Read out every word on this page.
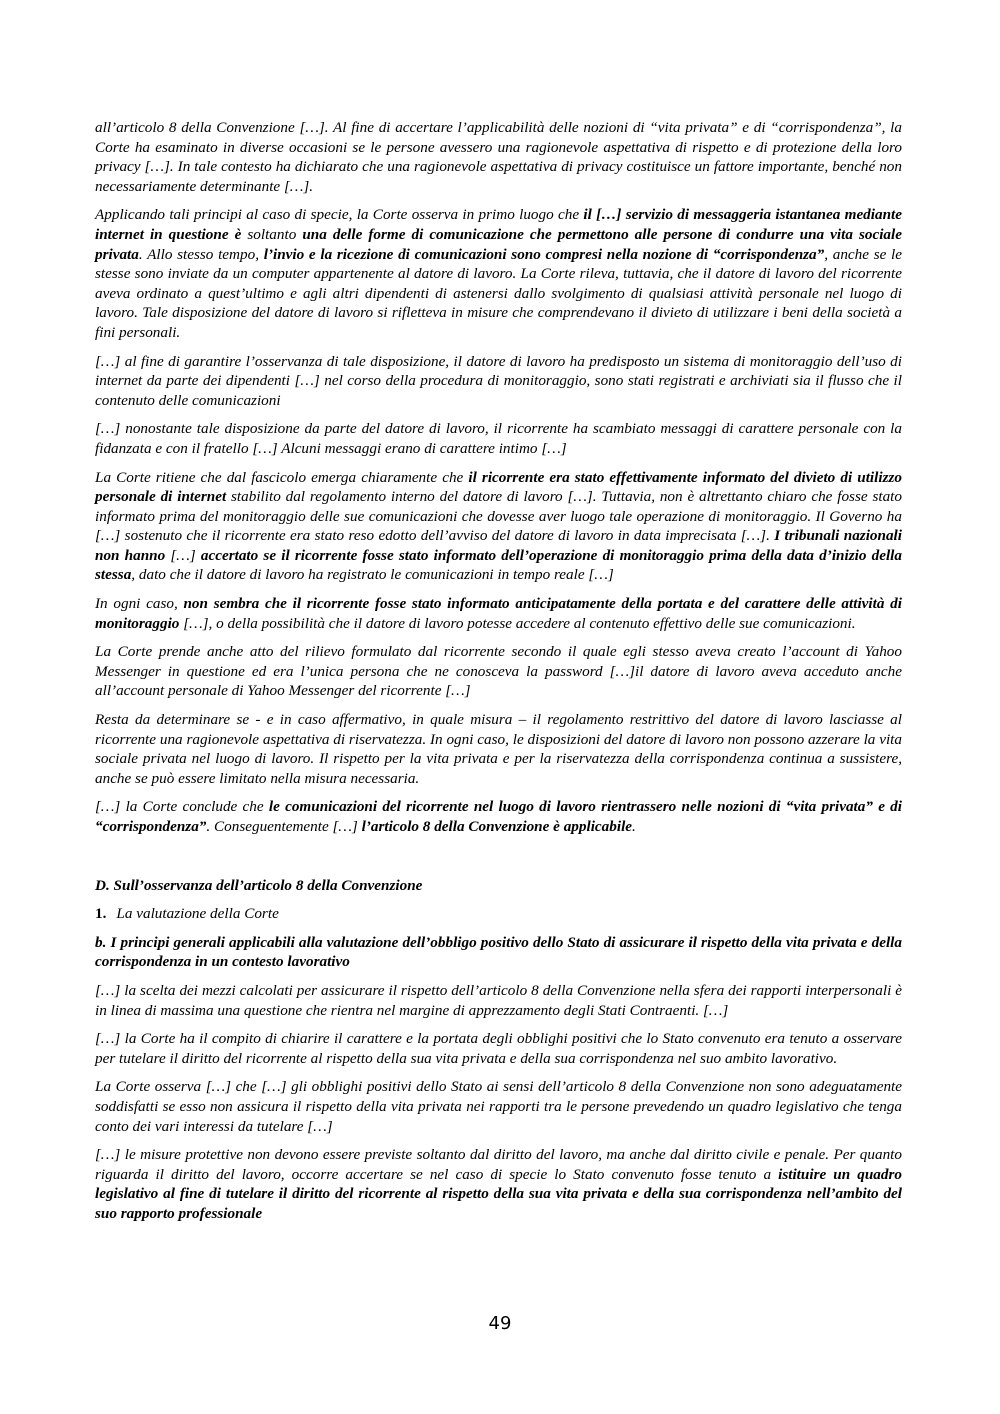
all’articolo 8 della Convenzione […]. Al fine di accertare l’applicabilità delle nozioni di “vita privata” e di “corrispondenza”, la Corte ha esaminato in diverse occasioni se le persone avessero una ragionevole aspettativa di rispetto e di protezione della loro privacy […]. In tale contesto ha dichiarato che una ragionevole aspettativa di privacy costituisce un fattore importante, benché non necessariamente determinante […].

Applicando tali principi al caso di specie, la Corte osserva in primo luogo che il […] servizio di messaggeria istantanea mediante internet in questione è soltanto una delle forme di comunicazione che permettono alle persone di condurre una vita sociale privata. Allo stesso tempo, l’invio e la ricezione di comunicazioni sono compresi nella nozione di “corrispondenza”, anche se le stesse sono inviate da un computer appartenente al datore di lavoro. La Corte rileva, tuttavia, che il datore di lavoro del ricorrente aveva ordinato a quest’ultimo e agli altri dipendenti di astenersi dallo svolgimento di qualsiasi attività personale nel luogo di lavoro. Tale disposizione del datore di lavoro si rifletteva in misure che comprendevano il divieto di utilizzare i beni della società a fini personali.

[…] al fine di garantire l’osservanza di tale disposizione, il datore di lavoro ha predisposto un sistema di monitoraggio dell’uso di internet da parte dei dipendenti […] nel corso della procedura di monitoraggio, sono stati registrati e archiviati sia il flusso che il contenuto delle comunicazioni

[…] nonostante tale disposizione da parte del datore di lavoro, il ricorrente ha scambiato messaggi di carattere personale con la fidanzata e con il fratello […] Alcuni messaggi erano di carattere intimo […]

La Corte ritiene che dal fascicolo emerga chiaramente che il ricorrente era stato effettivamente informato del divieto di utilizzo personale di internet stabilito dal regolamento interno del datore di lavoro […]. Tuttavia, non è altrettanto chiaro che fosse stato informato prima del monitoraggio delle sue comunicazioni che dovesse aver luogo tale operazione di monitoraggio. Il Governo ha […] sostenuto che il ricorrente era stato reso edotto dell’avviso del datore di lavoro in data imprecisata […]. I tribunali nazionali non hanno […] accertato se il ricorrente fosse stato informato dell’operazione di monitoraggio prima della data d’inizio della stessa, dato che il datore di lavoro ha registrato le comunicazioni in tempo reale […]

In ogni caso, non sembra che il ricorrente fosse stato informato anticipatamente della portata e del carattere delle attività di monitoraggio […], o della possibilità che il datore di lavoro potesse accedere al contenuto effettivo delle sue comunicazioni.

La Corte prende anche atto del rilievo formulato dal ricorrente secondo il quale egli stesso aveva creato l’account di Yahoo Messenger in questione ed era l’unica persona che ne conosceva la password […]il datore di lavoro aveva acceduto anche all’account personale di Yahoo Messenger del ricorrente […]

Resta da determinare se - e in caso affermativo, in quale misura – il regolamento restrittivo del datore di lavoro lasciasse al ricorrente una ragionevole aspettativa di riservatezza. In ogni caso, le disposizioni del datore di lavoro non possono azzerare la vita sociale privata nel luogo di lavoro. Il rispetto per la vita privata e per la riservatezza della corrispondenza continua a sussistere, anche se può essere limitato nella misura necessaria.

[…] la Corte conclude che le comunicazioni del ricorrente nel luogo di lavoro rientrassero nelle nozioni di “vita privata” e di “corrispondenza”. Conseguentemente […] l’articolo 8 della Convenzione è applicabile.

D. Sull’osservanza dell’articolo 8 della Convenzione

1. La valutazione della Corte

b. I principi generali applicabili alla valutazione dell’obbligo positivo dello Stato di assicurare il rispetto della vita privata e della corrispondenza in un contesto lavorativo

[…] la scelta dei mezzi calcolati per assicurare il rispetto dell’articolo 8 della Convenzione nella sfera dei rapporti interpersonali è in linea di massima una questione che rientra nel margine di apprezzamento degli Stati Contraenti. […]

[…] la Corte ha il compito di chiarire il carattere e la portata degli obblighi positivi che lo Stato convenuto era tenuto a osservare per tutelare il diritto del ricorrente al rispetto della sua vita privata e della sua corrispondenza nel suo ambito lavorativo.

La Corte osserva […] che […] gli obblighi positivi dello Stato ai sensi dell’articolo 8 della Convenzione non sono adeguatamente soddisfatti se esso non assicura il rispetto della vita privata nei rapporti tra le persone prevedendo un quadro legislativo che tenga conto dei vari interessi da tutelare […]

[…] le misure protettive non devono essere previste soltanto dal diritto del lavoro, ma anche dal diritto civile e penale. Per quanto riguarda il diritto del lavoro, occorre accertare se nel caso di specie lo Stato convenuto fosse tenuto a istituire un quadro legislativo al fine di tutelare il diritto del ricorrente al rispetto della sua vita privata e della sua corrispondenza nell’ambito del suo rapporto professionale

49
